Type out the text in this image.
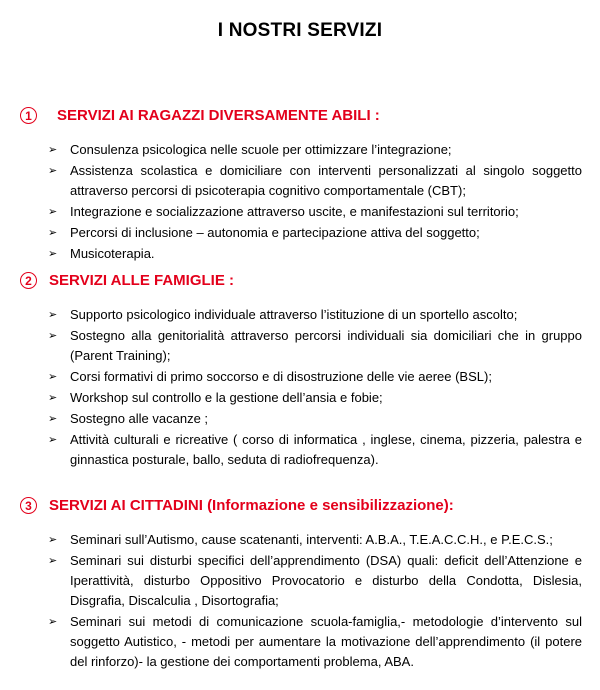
I NOSTRI SERVIZI
1	SERVIZI AI RAGAZZI DIVERSAMENTE ABILI :
➢ Consulenza psicologica nelle scuole per ottimizzare l’integrazione;
➢ Assistenza scolastica e domiciliare con interventi personalizzati al singolo soggetto attraverso percorsi di psicoterapia cognitivo comportamentale (CBT);
➢ Integrazione e socializzazione attraverso uscite, e manifestazioni sul territorio;
➢ Percorsi di inclusione – autonomia e partecipazione attiva del soggetto;
➢ Musicoterapia.
2	SERVIZI ALLE FAMIGLIE :
➢ Supporto psicologico individuale attraverso l’istituzione di un sportello ascolto;
➢ Sostegno alla genitorialità attraverso percorsi individuali sia domiciliari che in gruppo (Parent Training);
➢ Corsi formativi di primo soccorso e di disostruzione delle vie aeree (BSL);
➢ Workshop sul controllo e la gestione dell’ansia e fobie;
➢ Sostegno alle vacanze ;
➢ Attività culturali e ricreative ( corso di informatica , inglese, cinema, pizzeria, palestra e ginnastica posturale, ballo, seduta di radiofrequenza).
3	SERVIZI AI CITTADINI (Informazione e sensibilizzazione):
➢ Seminari sull’Autismo, cause scatenanti, interventi: A.B.A., T.E.A.C.C.H., e P.E.C.S.;
➢ Seminari sui disturbi specifici dell’apprendimento (DSA) quali: deficit dell’Attenzione e Iperattività, disturbo Oppositivo Provocatorio e disturbo della Condotta, Dislesia, Disgrafia, Discalculia , Disortografia;
➢ Seminari sui metodi di comunicazione scuola-famiglia,- metodologie d’intervento sul soggetto Autistico, - metodi per aumentare la motivazione dell’apprendimento (il potere del rinforzo)- la gestione dei comportamenti problema, ABA.
